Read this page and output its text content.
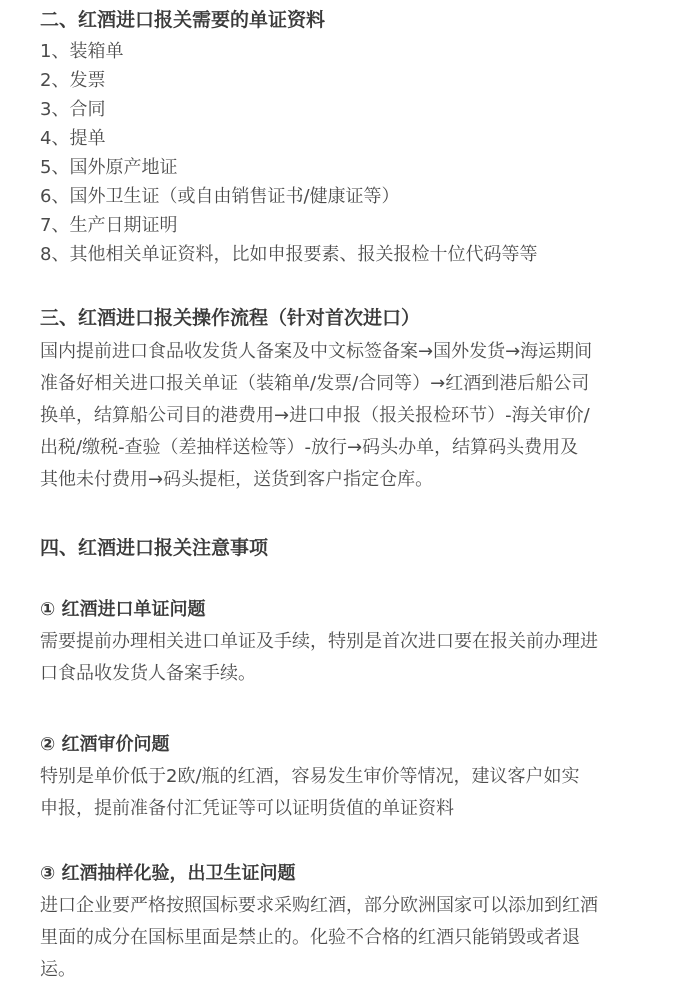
二、红酒进口报关需要的单证资料
1、装箱单
2、发票
3、合同
4、提单
5、国外原产地证
6、国外卫生证（或自由销售证书/健康证等）
7、生产日期证明
8、其他相关单证资料，比如申报要素、报关报检十位代码等等
三、红酒进口报关操作流程（针对首次进口）
国内提前进口食品收发货人备案及中文标签备案→国外发货→海运期间
准备好相关进口报关单证（装箱单/发票/合同等）→红酒到港后船公司
换单，结算船公司目的港费用→进口申报（报关报检环节）-海关审价/
出税/缴税-查验（差抽样送检等）-放行→码头办单，结算码头费用及
其他未付费用→码头提柜，送货到客户指定仓库。
四、红酒进口报关注意事项
① 红酒进口单证问题
需要提前办理相关进口单证及手续，特别是首次进口要在报关前办理进
口食品收发货人备案手续。
② 红酒审价问题
特别是单价低于2欧/瓶的红酒，容易发生审价等情况，建议客户如实
申报，提前准备付汇凭证等可以证明货值的单证资料
③ 红酒抽样化验，出卫生证问题
进口企业要严格按照国标要求采购红酒，部分欧洲国家可以添加到红酒
里面的成分在国标里面是禁止的。化验不合格的红酒只能销毁或者退
运。
